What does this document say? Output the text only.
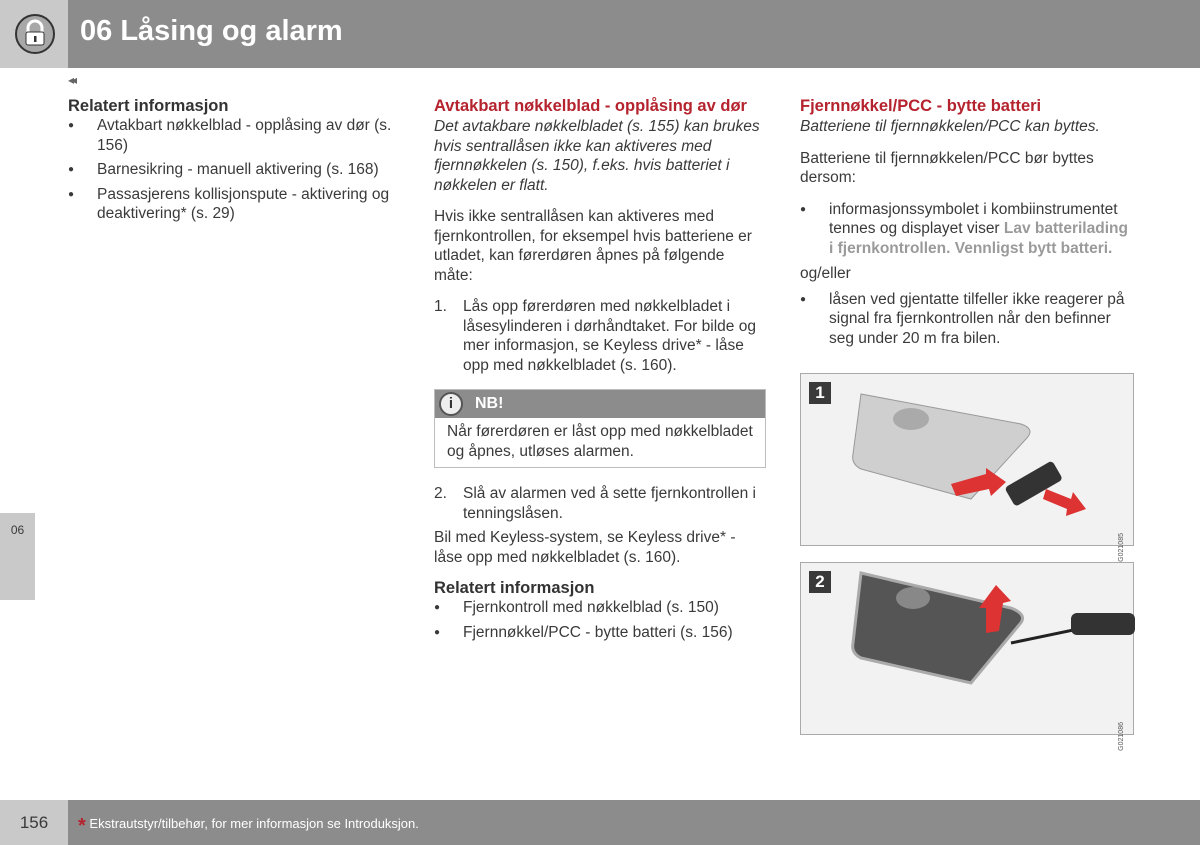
06 Låsing og alarm
◂◂
Relatert informasjon
● Avtakbart nøkkelblad - opplåsing av dør (s. 156)
● Barnesikring - manuell aktivering (s. 168)
● Passasjerens kollisjonspute - aktivering og deaktivering* (s. 29)
Avtakbart nøkkelblad - opplåsing av dør

Det avtakbare nøkkelbladet (s. 155) kan brukes hvis sentrallåsen ikke kan aktiveres med fjernnøkkelen (s. 150), f.eks. hvis batteriet i nøkkelen er flatt.

Hvis ikke sentrallåsen kan aktiveres med fjernkontrollen, for eksempel hvis batteriene er utladet, kan førerdøren åpnes på følgende måte:

1. Lås opp førerdøren med nøkkelbladet i låsesylinderen i dørhåndtaket. For bilde og mer informasjon, se Keyless drive* - låse opp med nøkkelbladet (s. 160).
i	NB!
Når førerdøren er låst opp med nøkkelbladet og åpnes, utløses alarmen.
2. Slå av alarmen ved å sette fjernkontrollen i tenningslåsen.

Bil med Keyless-system, se Keyless drive* - låse opp med nøkkelbladet (s. 160).

Relatert informasjon
● Fjernkontroll med nøkkelblad (s. 150)
● Fjernnøkkel/PCC - bytte batteri (s. 156)
Fjernnøkkel/PCC - bytte batteri

Batteriene til fjernnøkkelen/PCC kan byttes.

Batteriene til fjernnøkkelen/PCC bør byttes dersom:

● informasjonssymbolet i kombiinstrumentet tennes og displayet viser Lav batterilading i fjernkontrollen. Vennligst bytt batteri.

og/eller

● låsen ved gjentatte tilfeller ikke reagerer på signal fra fjernkontrollen når den befinner seg under 20 m fra bilen.
1
G021085
2
G021086
06
156	* Ekstrautstyr/tilbehør, for mer informasjon se Introduksjon.
